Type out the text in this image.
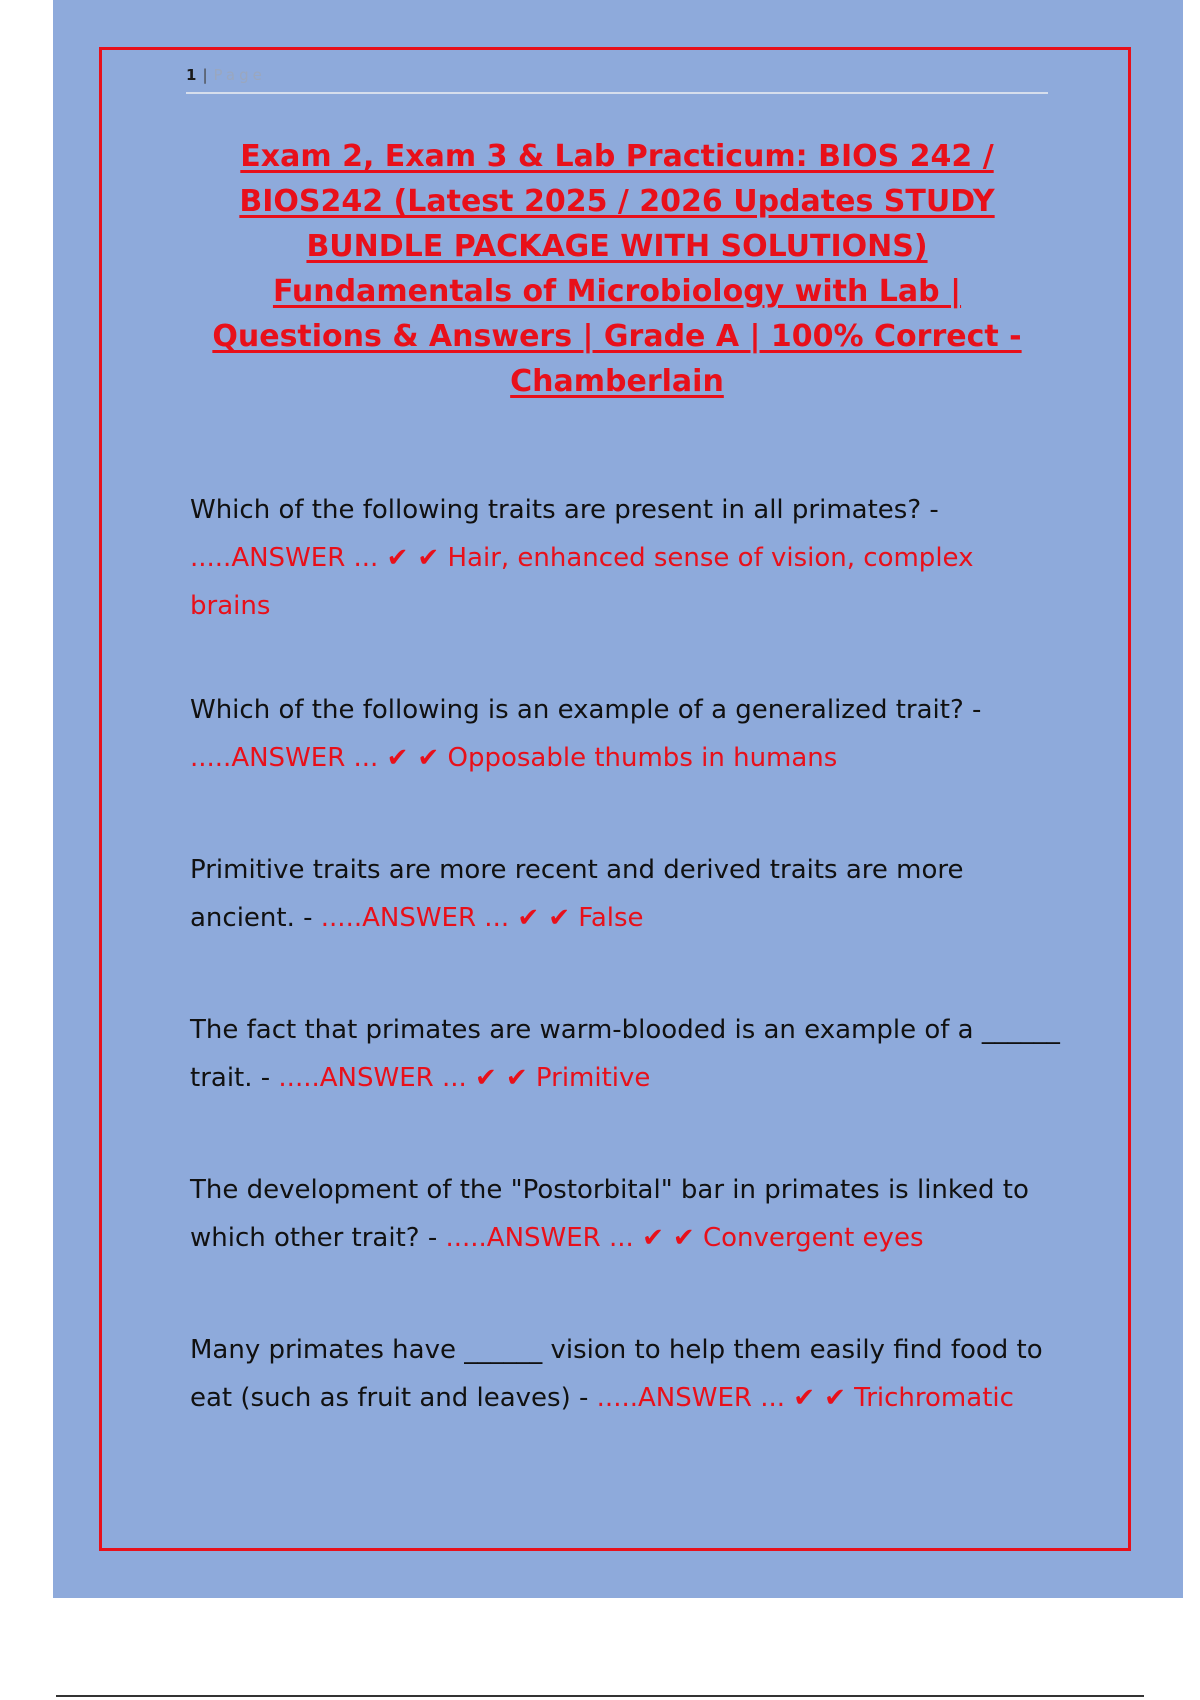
1 | Page
Exam 2, Exam 3 & Lab Practicum: BIOS 242 / BIOS242 (Latest 2025 / 2026 Updates STUDY BUNDLE PACKAGE WITH SOLUTIONS) Fundamentals of Microbiology with Lab | Questions & Answers | Grade A | 100% Correct - Chamberlain
Which of the following traits are present in all primates? - .....ANSWER ... ✔ ✔ Hair, enhanced sense of vision, complex brains
Which of the following is an example of a generalized trait? - .....ANSWER ... ✔ ✔ Opposable thumbs in humans
Primitive traits are more recent and derived traits are more ancient. - .....ANSWER ... ✔ ✔ False
The fact that primates are warm-blooded is an example of a ______ trait. - .....ANSWER ... ✔ ✔ Primitive
The development of the "Postorbital" bar in primates is linked to which other trait? - .....ANSWER ... ✔ ✔ Convergent eyes
Many primates have ______ vision to help them easily find food to eat (such as fruit and leaves) - .....ANSWER ... ✔ ✔ Trichromatic
